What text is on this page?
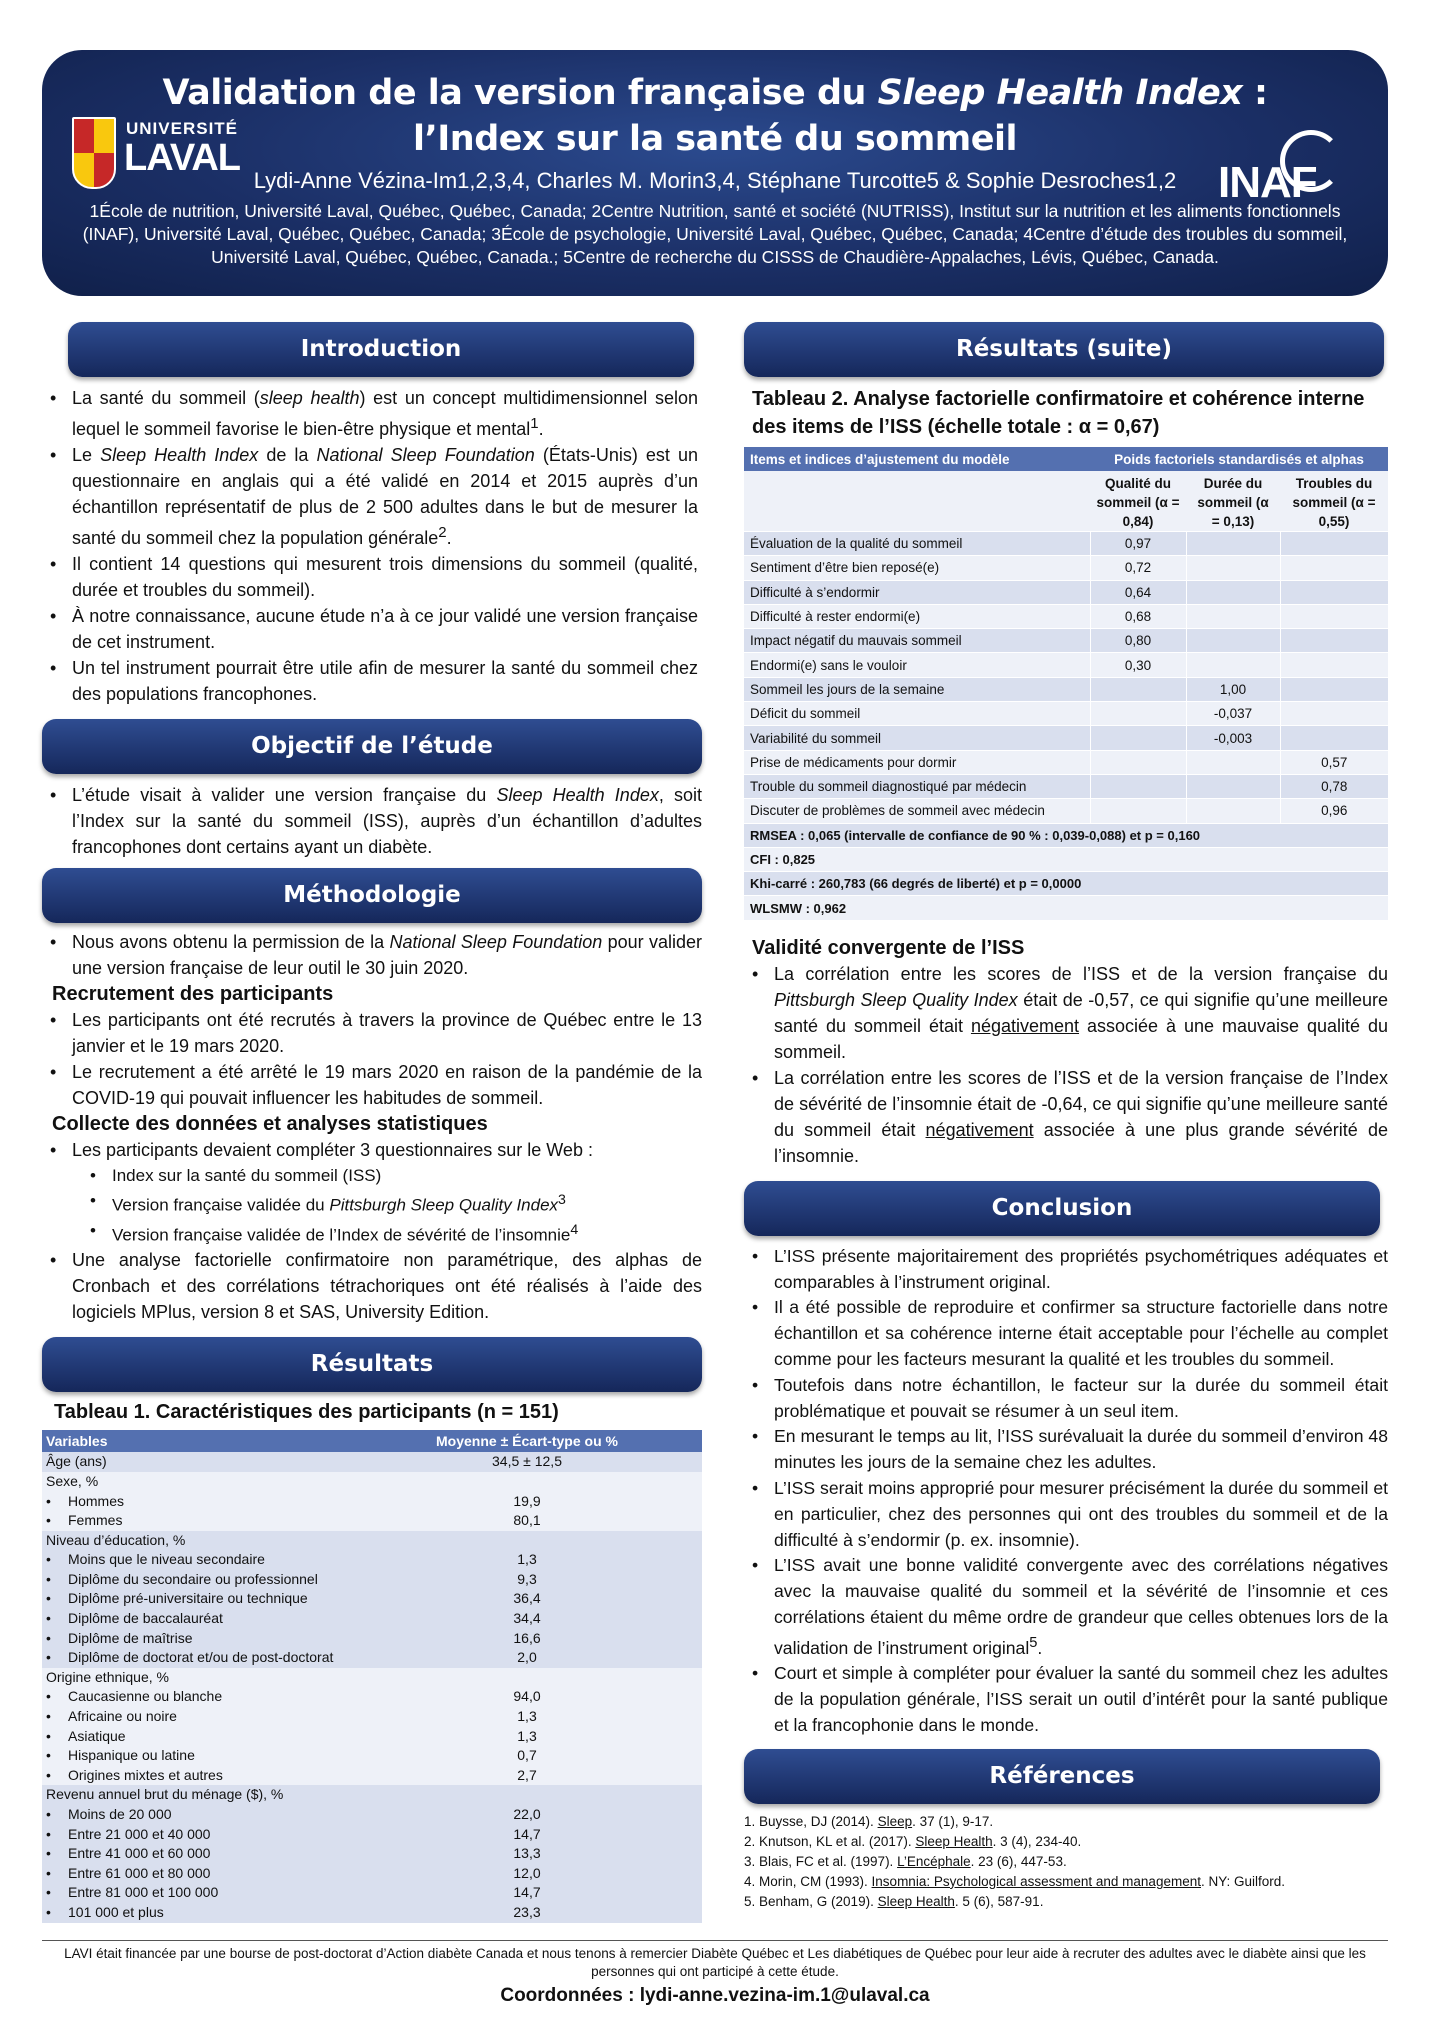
UNIVERSITÉ
LAVAL	INAF
Validation de la version française du Sleep Health Index :
l’Index sur la santé du sommeil
Lydi-Anne Vézina-Im1,2,3,4, Charles M. Morin3,4, Stéphane Turcotte5 & Sophie Desroches1,2
1École de nutrition, Université Laval, Québec, Québec, Canada; 2Centre Nutrition, santé et société (NUTRISS), Institut sur la nutrition et les aliments fonctionnels (INAF), Université Laval, Québec, Québec, Canada; 3École de psychologie, Université Laval, Québec, Québec, Canada; 4Centre d’étude des troubles du sommeil, Université Laval, Québec, Québec, Canada.; 5Centre de recherche du CISSS de Chaudière-Appalaches, Lévis, Québec, Canada.
Introduction
• La santé du sommeil (sleep health) est un concept multidimensionnel selon lequel le sommeil favorise le bien-être physique et mental$^1$.
• Le Sleep Health Index de la National Sleep Foundation (États-Unis) est un questionnaire en anglais qui a été validé en 2014 et 2015 auprès d’un échantillon représentatif de plus de 2 500 adultes dans le but de mesurer la santé du sommeil chez la population générale$^2$.
• Il contient 14 questions qui mesurent trois dimensions du sommeil (qualité, durée et troubles du sommeil).
• À notre connaissance, aucune étude n’a à ce jour validé une version française de cet instrument.
• Un tel instrument pourrait être utile afin de mesurer la santé du sommeil chez des populations francophones.
Objectif de l’étude
• L’étude visait à valider une version française du Sleep Health Index, soit l’Index sur la santé du sommeil (ISS), auprès d’un échantillon d’adultes francophones dont certains ayant un diabète.
Méthodologie
• Nous avons obtenu la permission de la National Sleep Foundation pour valider une version française de leur outil le 30 juin 2020.
Recrutement des participants
• Les participants ont été recrutés à travers la province de Québec entre le 13 janvier et le 19 mars 2020.
• Le recrutement a été arrêté le 19 mars 2020 en raison de la pandémie de la COVID-19 qui pouvait influencer les habitudes de sommeil.
Collecte des données et analyses statistiques
• Les participants devaient compléter 3 questionnaires sur le Web :
• Index sur la santé du sommeil (ISS)
• Version française validée du Pittsburgh Sleep Quality Index$^3$
• Version française validée de l’Index de sévérité de l’insomnie$^4$
• Une analyse factorielle confirmatoire non paramétrique, des alphas de Cronbach et des corrélations tétrachoriques ont été réalisés à l’aide des logiciels MPlus, version 8 et SAS, University Edition.
Résultats
Tableau 1. Caractéristiques des participants (n = 151)
Variables	Moyenne ± Écart-type ou %
Âge (ans)	34,5 ± 12,5
Sexe, %	
• Hommes	19,9
• Femmes	80,1
Niveau d’éducation, %	
• Moins que le niveau secondaire	1,3
• Diplôme du secondaire ou professionnel	9,3
• Diplôme pré-universitaire ou technique	36,4
• Diplôme de baccalauréat	34,4
• Diplôme de maîtrise	16,6
• Diplôme de doctorat et/ou de post-doctorat	2,0
Origine ethnique, %	
• Caucasienne ou blanche	94,0
• Africaine ou noire	1,3
• Asiatique	1,3
• Hispanique ou latine	0,7
• Origines mixtes et autres	2,7
Revenu annuel brut du ménage ($), %	
• Moins de 20 000	22,0
• Entre 21 000 et 40 000	14,7
• Entre 41 000 et 60 000	13,3
• Entre 61 000 et 80 000	12,0
• Entre 81 000 et 100 000	14,7
• 101 000 et plus	23,3
Résultats (suite)
Tableau 2. Analyse factorielle confirmatoire et cohérence interne des items de l’ISS (échelle totale : α = 0,67)
Items et indices d’ajustement du modèle	Poids factoriels standardisés et alphas		
	Qualité du sommeil (α = 0,84)	Durée du sommeil (α = 0,13)	Troubles du sommeil (α = 0,55)
Évaluation de la qualité du sommeil	0,97		
Sentiment d’être bien reposé(e)	0,72		
Difficulté à s’endormir	0,64		
Difficulté à rester endormi(e)	0,68		
Impact négatif du mauvais sommeil	0,80		
Endormi(e) sans le vouloir	0,30		
Sommeil les jours de la semaine		1,00	
Déficit du sommeil		-0,037	
Variabilité du sommeil		-0,003	
Prise de médicaments pour dormir			0,57
Trouble du sommeil diagnostiqué par médecin			0,78
Discuter de problèmes de sommeil avec médecin			0,96
RMSEA : 0,065 (intervalle de confiance de 90 % : 0,039-0,088) et p = 0,160			
CFI : 0,825			
Khi-carré : 260,783 (66 degrés de liberté) et p = 0,0000			
WLSMW : 0,962			
Validité convergente de l’ISS
• La corrélation entre les scores de l’ISS et de la version française du Pittsburgh Sleep Quality Index était de -0,57, ce qui signifie qu’une meilleure santé du sommeil était négativement associée à une mauvaise qualité du sommeil.
• La corrélation entre les scores de l’ISS et de la version française de l’Index de sévérité de l’insomnie était de -0,64, ce qui signifie qu’une meilleure santé du sommeil était négativement associée à une plus grande sévérité de l’insomnie.
Conclusion
• L’ISS présente majoritairement des propriétés psychométriques adéquates et comparables à l’instrument original.
• Il a été possible de reproduire et confirmer sa structure factorielle dans notre échantillon et sa cohérence interne était acceptable pour l’échelle au complet comme pour les facteurs mesurant la qualité et les troubles du sommeil.
• Toutefois dans notre échantillon, le facteur sur la durée du sommeil était problématique et pouvait se résumer à un seul item.
• En mesurant le temps au lit, l’ISS surévaluait la durée du sommeil d’environ 48 minutes les jours de la semaine chez les adultes.
• L’ISS serait moins approprié pour mesurer précisément la durée du sommeil et en particulier, chez des personnes qui ont des troubles du sommeil et de la difficulté à s’endormir (p. ex. insomnie).
• L’ISS avait une bonne validité convergente avec des corrélations négatives avec la mauvaise qualité du sommeil et la sévérité de l’insomnie et ces corrélations étaient du même ordre de grandeur que celles obtenues lors de la validation de l’instrument original$^5$.
• Court et simple à compléter pour évaluer la santé du sommeil chez les adultes de la population générale, l’ISS serait un outil d’intérêt pour la santé publique et la francophonie dans le monde.
Références
1. Buysse, DJ (2014). Sleep. 37 (1), 9-17.
2. Knutson, KL et al. (2017). Sleep Health. 3 (4), 234-40.
3. Blais, FC et al. (1997). L’Encéphale. 23 (6), 447-53.
4. Morin, CM (1993). Insomnia: Psychological assessment and management. NY: Guilford.
5. Benham, G (2019). Sleep Health. 5 (6), 587-91.
LAVI était financée par une bourse de post-doctorat d’Action diabète Canada et nous tenons à remercier Diabète Québec et Les diabétiques de Québec pour leur aide à recruter des adultes avec le diabète ainsi que les personnes qui ont participé à cette étude.
Coordonnées : lydi-anne.vezina-im.1@ulaval.ca
